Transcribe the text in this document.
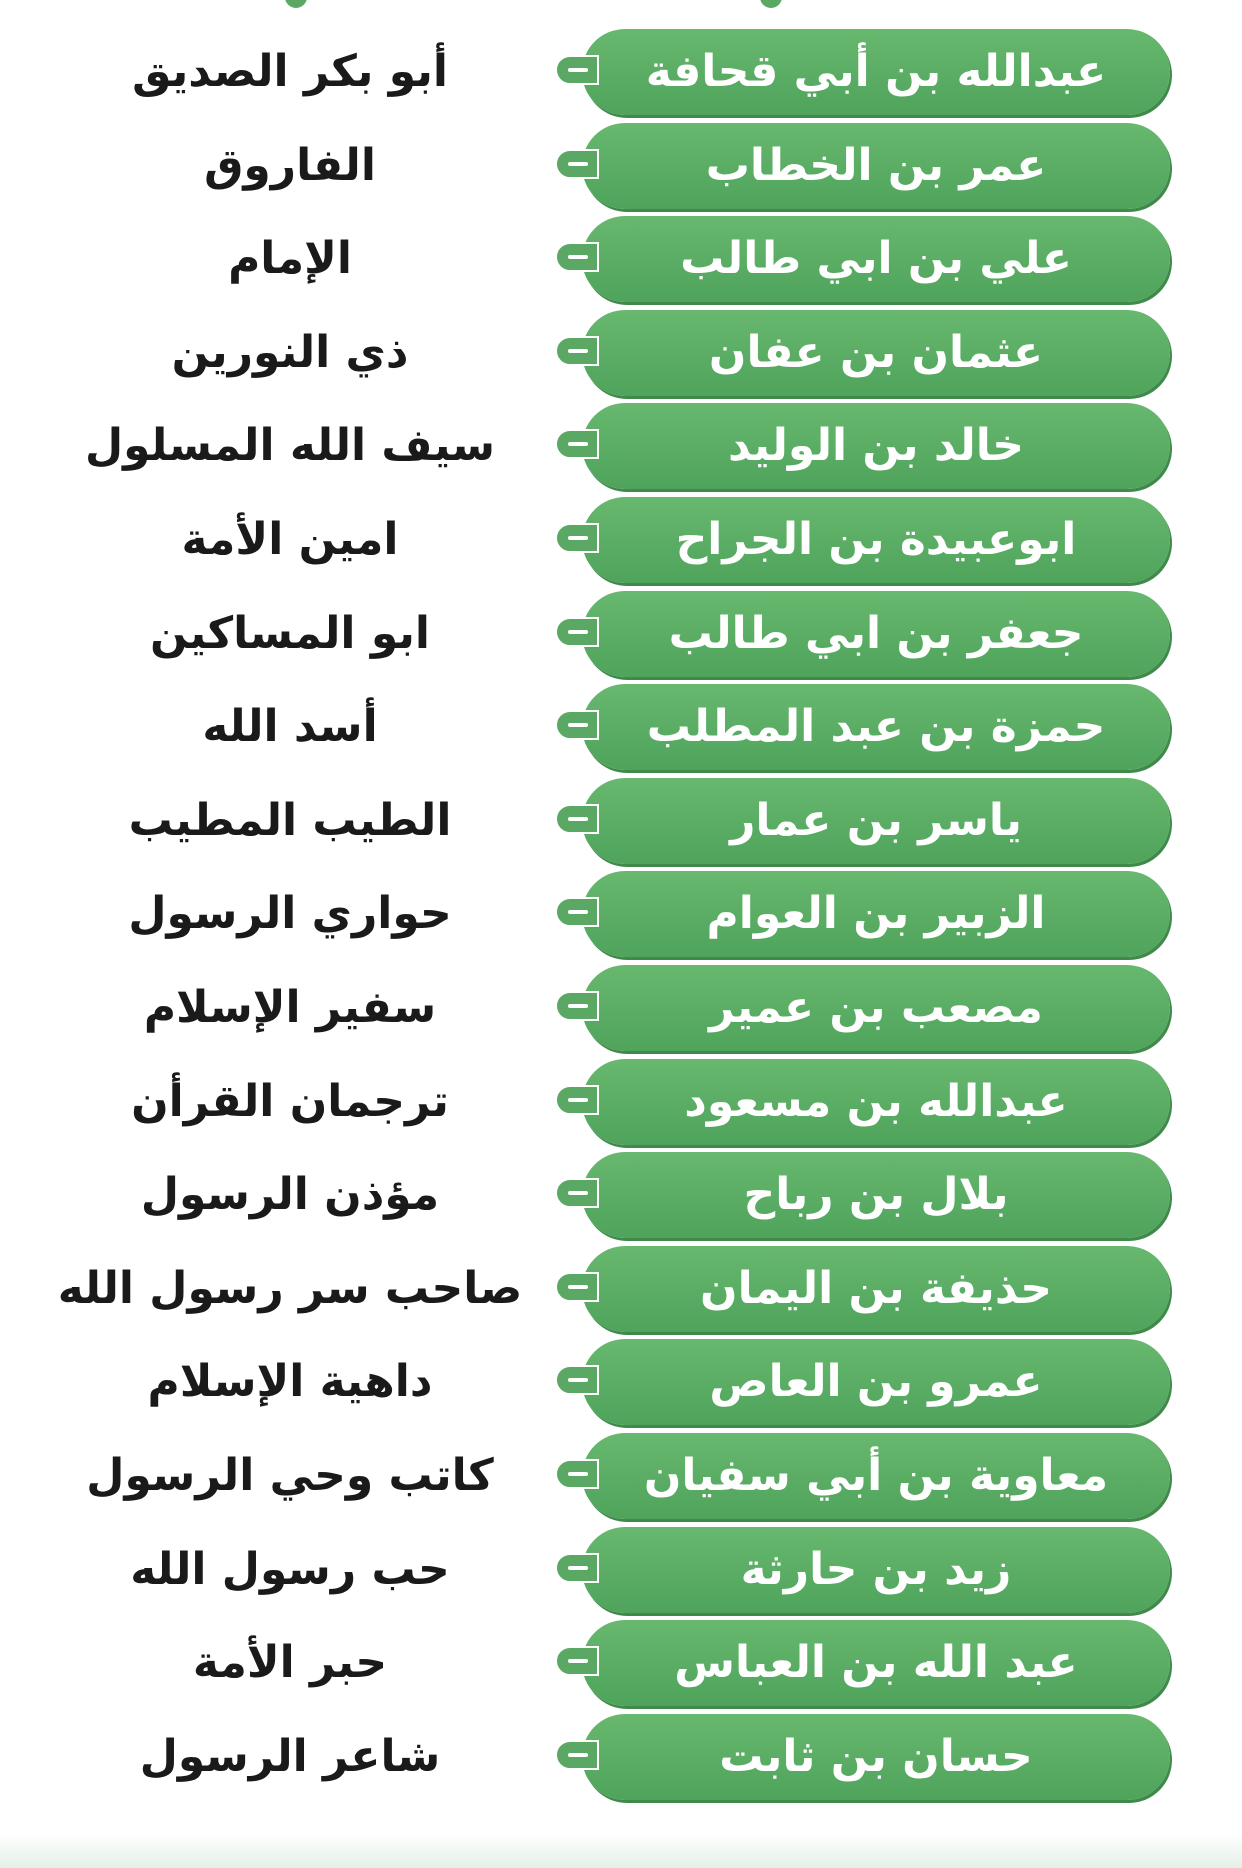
عبدالله بن أبي قحافة
أبو بكر الصديق
عمر بن الخطاب
الفاروق
علي بن ابي طالب
الإمام
عثمان بن عفان
ذي النورين
خالد بن الوليد
سيف الله المسلول
ابوعبيدة بن الجراح
امين الأمة
جعفر بن ابي طالب
ابو المساكين
حمزة بن عبد المطلب
أسد الله
ياسر بن عمار
الطيب المطيب
الزبير بن العوام
حواري الرسول
مصعب بن عمير
سفير الإسلام
عبدالله بن مسعود
ترجمان القرأن
بلال بن رباح
مؤذن الرسول
حذيفة بن اليمان
صاحب سر رسول الله
عمرو بن العاص
داهية الإسلام
معاوية بن أبي سفيان
كاتب وحي الرسول
زيد بن حارثة
حب رسول الله
عبد الله بن العباس
حبر الأمة
حسان بن ثابت
شاعر الرسول
